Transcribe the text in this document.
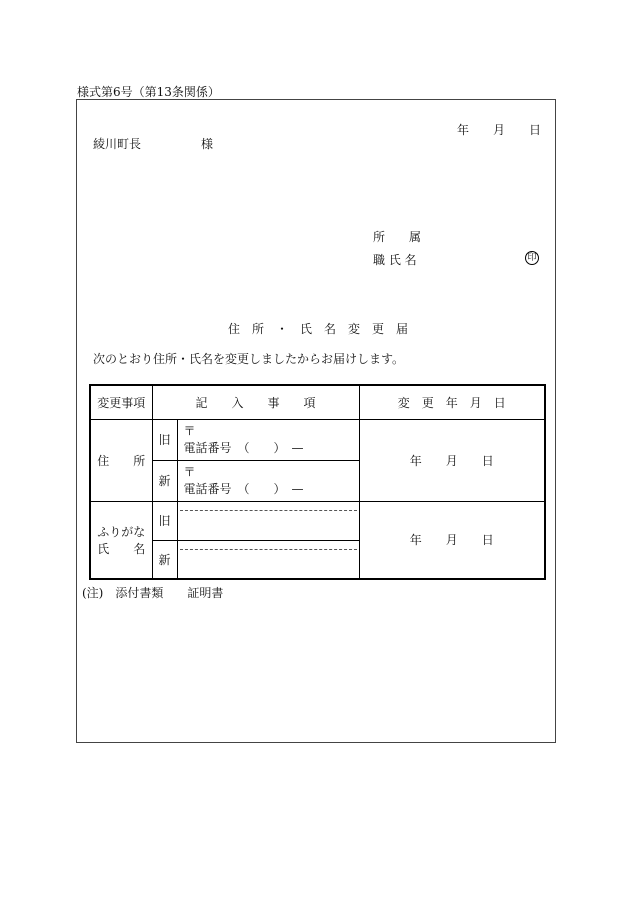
様式第6号（第13条関係）
年　　月　　日
綾川町長　　　　　様
所　　属
職 氏 名	印
住　所　・　氏　名　変　更　届
次のとおり住所・氏名を変更しましたからお届けします。
変更事項	記　　入　　事　　項		変　更　年　月　日
住　　所	旧	〒
電話番号　（　　）　—	年　　月　　日
	新	〒
電話番号　（　　）　—	

ふりがな
氏　　名	旧		年　　月　　日
	新		
(注)　添付書類　　証明書
